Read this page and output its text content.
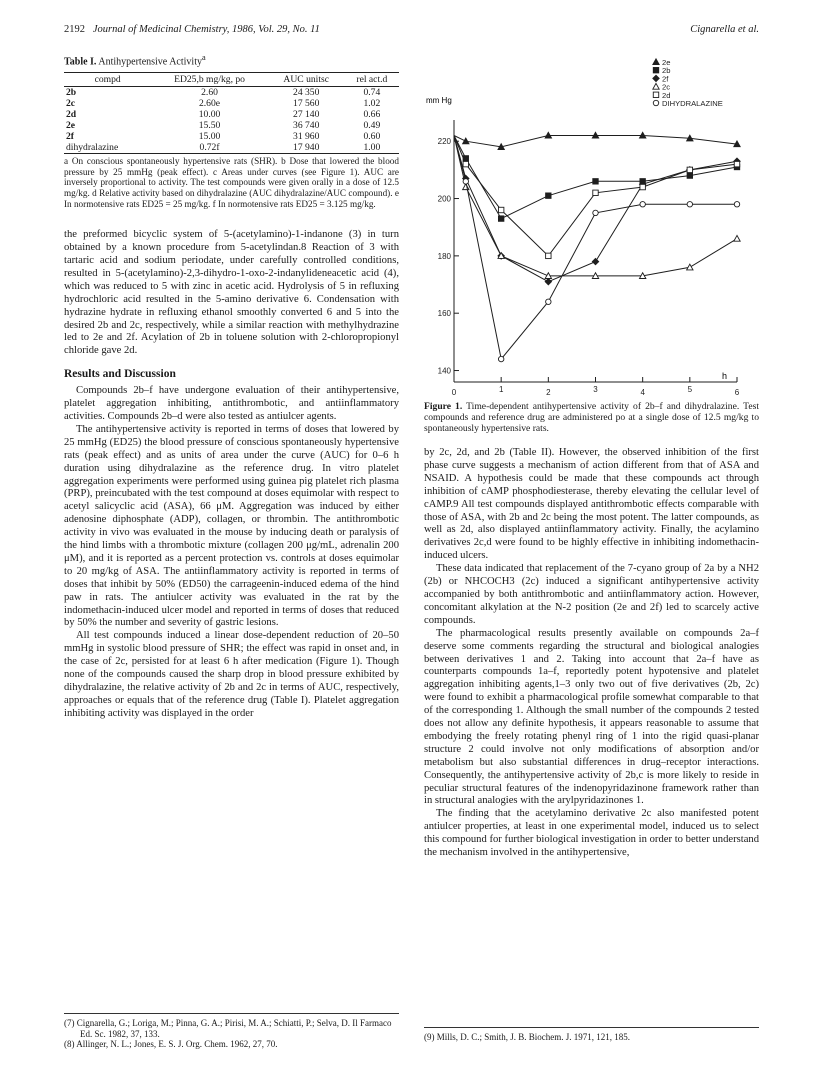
2192 Journal of Medicinal Chemistry, 1986, Vol. 29, No. 11	Cignarella et al.
Table I. Antihypertensive Activity$^a$
compd	ED25,b mg/kg, po	AUC unitsc	rel act.d
2b	2.60	24 350	0.74
2c	2.60e	17 560	1.02
2d	10.00	27 140	0.66
2e	15.50	36 740	0.49
2f	15.00	31 960	0.60
dihydralazine	0.72f	17 940	1.00
a On conscious spontaneously hypertensive rats (SHR). b Dose that lowered the blood pressure by 25 mmHg (peak effect). c Areas under curves (see Figure 1). AUC are inversely proportional to activity. The test compounds were given orally in a dose of 12.5 mg/kg. d Relative activity based on dihydralazine (AUC dihydralazine/AUC compound). e In normotensive rats ED25 = 25 mg/kg. f In normotensive rats ED25 = 3.125 mg/kg.

the preformed bicyclic system of 5-(acetylamino)-1-indanone (3) in turn obtained by a known procedure from 5-acetylindan.8 Reaction of 3 with tartaric acid and sodium periodate, under carefully controlled conditions, resulted in 5-(acetylamino)-2,3-dihydro-1-oxo-2-indanylideneacetic acid (4), which was reduced to 5 with zinc in acetic acid. Hydrolysis of 5 in refluxing hydrochloric acid resulted in the 5-amino derivative 6. Condensation with hydrazine hydrate in refluxing ethanol smoothly converted 6 and 5 into the desired 2b and 2c, respectively, while a similar reaction with methylhydrazine led to 2e and 2f. Acylation of 2b in toluene solution with 2-chloropropionyl chloride gave 2d.

Results and Discussion

Compounds 2b–f have undergone evaluation of their antihypertensive, platelet aggregation inhibiting, antithrombotic, and antiinflammatory activities. Compounds 2b–d were also tested as antiulcer agents.

The antihypertensive activity is reported in terms of doses that lowered by 25 mmHg (ED25) the blood pressure of conscious spontaneously hypertensive rats (peak effect) and as units of area under the curve (AUC) for 0–6 h duration using dihydralazine as the reference drug. In vitro platelet aggregation experiments were performed using guinea pig platelet rich plasma (PRP), preincubated with the test compound at doses equimolar with respect to acetyl salicyclic acid (ASA), 66 μM. Aggregation was induced by either adenosine diphosphate (ADP), collagen, or thrombin. The antithrombotic activity in vivo was evaluated in the mouse by inducing death or paralysis of the hind limbs with a thrombotic mixture (collagen 200 μg/mL, adrenalin 200 μM), and it is reported as a percent protection vs. controls at doses equimolar to 20 mg/kg of ASA. The antiinflammatory activity is reported in terms of doses that inhibit by 50% (ED50) the carrageenin-induced edema of the hind paw in rats. The antiulcer activity was evaluated in the rat by the indomethacin-induced ulcer model and reported in terms of doses that reduced by 50% the number and severity of gastric lesions.

All test compounds induced a linear dose-dependent reduction of 20–50 mmHg in systolic blood pressure of SHR; the effect was rapid in onset and, in the case of 2c, persisted for at least 6 h after medication (Figure 1). Though none of the compounds caused the sharp drop in blood pressure exhibited by dihydralazine, the relative activity of 2b and 2c in terms of AUC, respectively, approaches or equals that of the reference drug (Table I). Platelet aggregation inhibiting activity was displayed in the order

2e
2b
2f
2c
2d
DIHYDRALAZINE
mm Hg
h
140
160
180
200
220
0	1	2	3	4	5	6
Figure 1. Time-dependent antihypertensive activity of 2b–f and dihydralazine. Test compounds and reference drug are administered po at a single dose of 12.5 mg/kg to spontaneously hypertensive rats.

by 2c, 2d, and 2b (Table II). However, the observed inhibition of the first phase curve suggests a mechanism of action different from that of ASA and NSAID. A hypothesis could be made that these compounds act through inhibition of cAMP phosphodiesterase, thereby elevating the cellular level of cAMP.9 All test compounds displayed antithrombotic effects comparable with those of ASA, with 2b and 2c being the most potent. The latter compounds, as well as 2d, also displayed antiinflammatory activity. Finally, the acylamino derivatives 2c,d were found to be highly effective in inhibiting indomethacin-induced ulcers.

These data indicated that replacement of the 7-cyano group of 2a by a NH2 (2b) or NHCOCH3 (2c) induced a significant antihypertensive activity accompanied by both antithrombotic and antiinflammatory action. However, concomitant alkylation at the N-2 position (2e and 2f) led to scarcely active compounds.

The pharmacological results presently available on compounds 2a–f deserve some comments regarding the structural and biological analogies between derivatives 1 and 2. Taking into account that 2a–f have as counterparts compounds 1a–f, reportedly potent hypotensive and platelet aggregation inhibiting agents,1–3 only two out of five derivatives (2b, 2c) were found to exhibit a pharmacological profile somewhat comparable to that of the corresponding 1. Although the small number of the compounds 2 tested does not allow any definite hypothesis, it appears reasonable to assume that embodying the freely rotating phenyl ring of 1 into the rigid quasi-planar structure 2 could involve not only modifications of absorption and/or metabolism but also substantial differences in drug–receptor interactions. Consequently, the antihypertensive activity of 2b,c is more likely to reside in peculiar structural features of the indenopyridazinone framework rather than in structural analogies with the arylpyridazinones 1.

The finding that the acetylamino derivative 2c also manifested potent antiulcer properties, at least in one experimental model, induced us to select this compound for further biological investigation in order to better understand the mechanism involved in the antihypertensive,

(7) Cignarella, G.; Loriga, M.; Pinna, G. A.; Pirisi, M. A.; Schiatti, P.; Selva, D. Il Farmaco Ed. Sc. 1982, 37, 133.
(8) Allinger, N. L.; Jones, E. S. J. Org. Chem. 1962, 27, 70.
(9) Mills, D. C.; Smith, J. B. Biochem. J. 1971, 121, 185.
